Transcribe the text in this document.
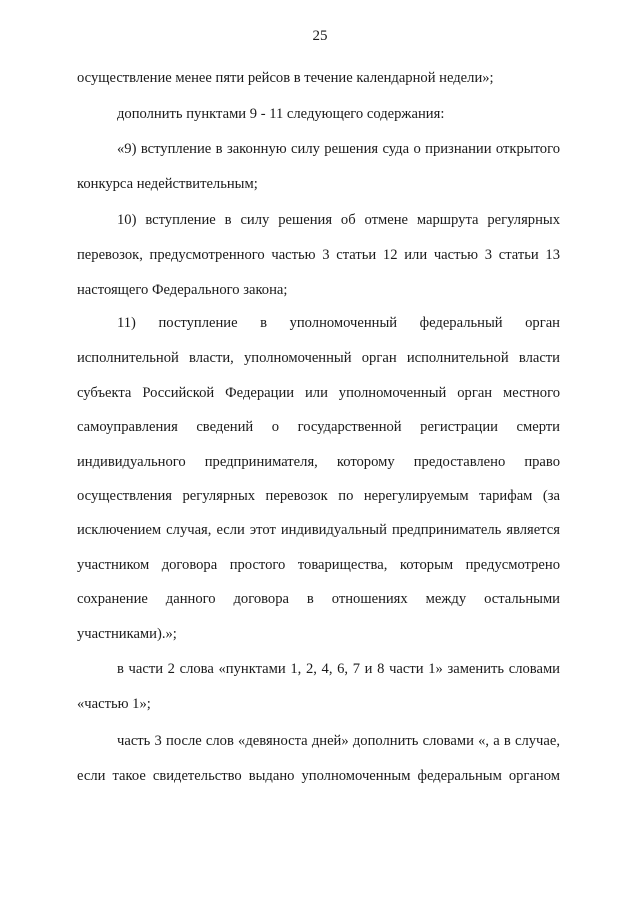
25
осуществление менее пяти рейсов в течение календарной недели»;
дополнить пунктами 9 - 11 следующего содержания:
«9) вступление в законную силу решения суда о признании открытого
конкурса недействительным;
10) вступление в силу решения об отмене маршрута регулярных
перевозок, предусмотренного частью 3 статьи 12 или частью 3 статьи 13
настоящего Федерального закона;
11) поступление в уполномоченный федеральный орган
исполнительной власти, уполномоченный орган исполнительной власти
субъекта Российской Федерации или уполномоченный орган местного
самоуправления сведений о государственной регистрации смерти
индивидуального предпринимателя, которому предоставлено право
осуществления регулярных перевозок по нерегулируемым тарифам (за
исключением случая, если этот индивидуальный предприниматель является
участником договора простого товарищества, которым предусмотрено
сохранение данного договора в отношениях между остальными
участниками).»;
в части 2 слова «пунктами 1, 2, 4, 6, 7 и 8 части 1» заменить словами
«частью 1»;
часть 3 после слов «девяноста дней» дополнить словами «, а в случае,
если такое свидетельство выдано уполномоченным федеральным органом
